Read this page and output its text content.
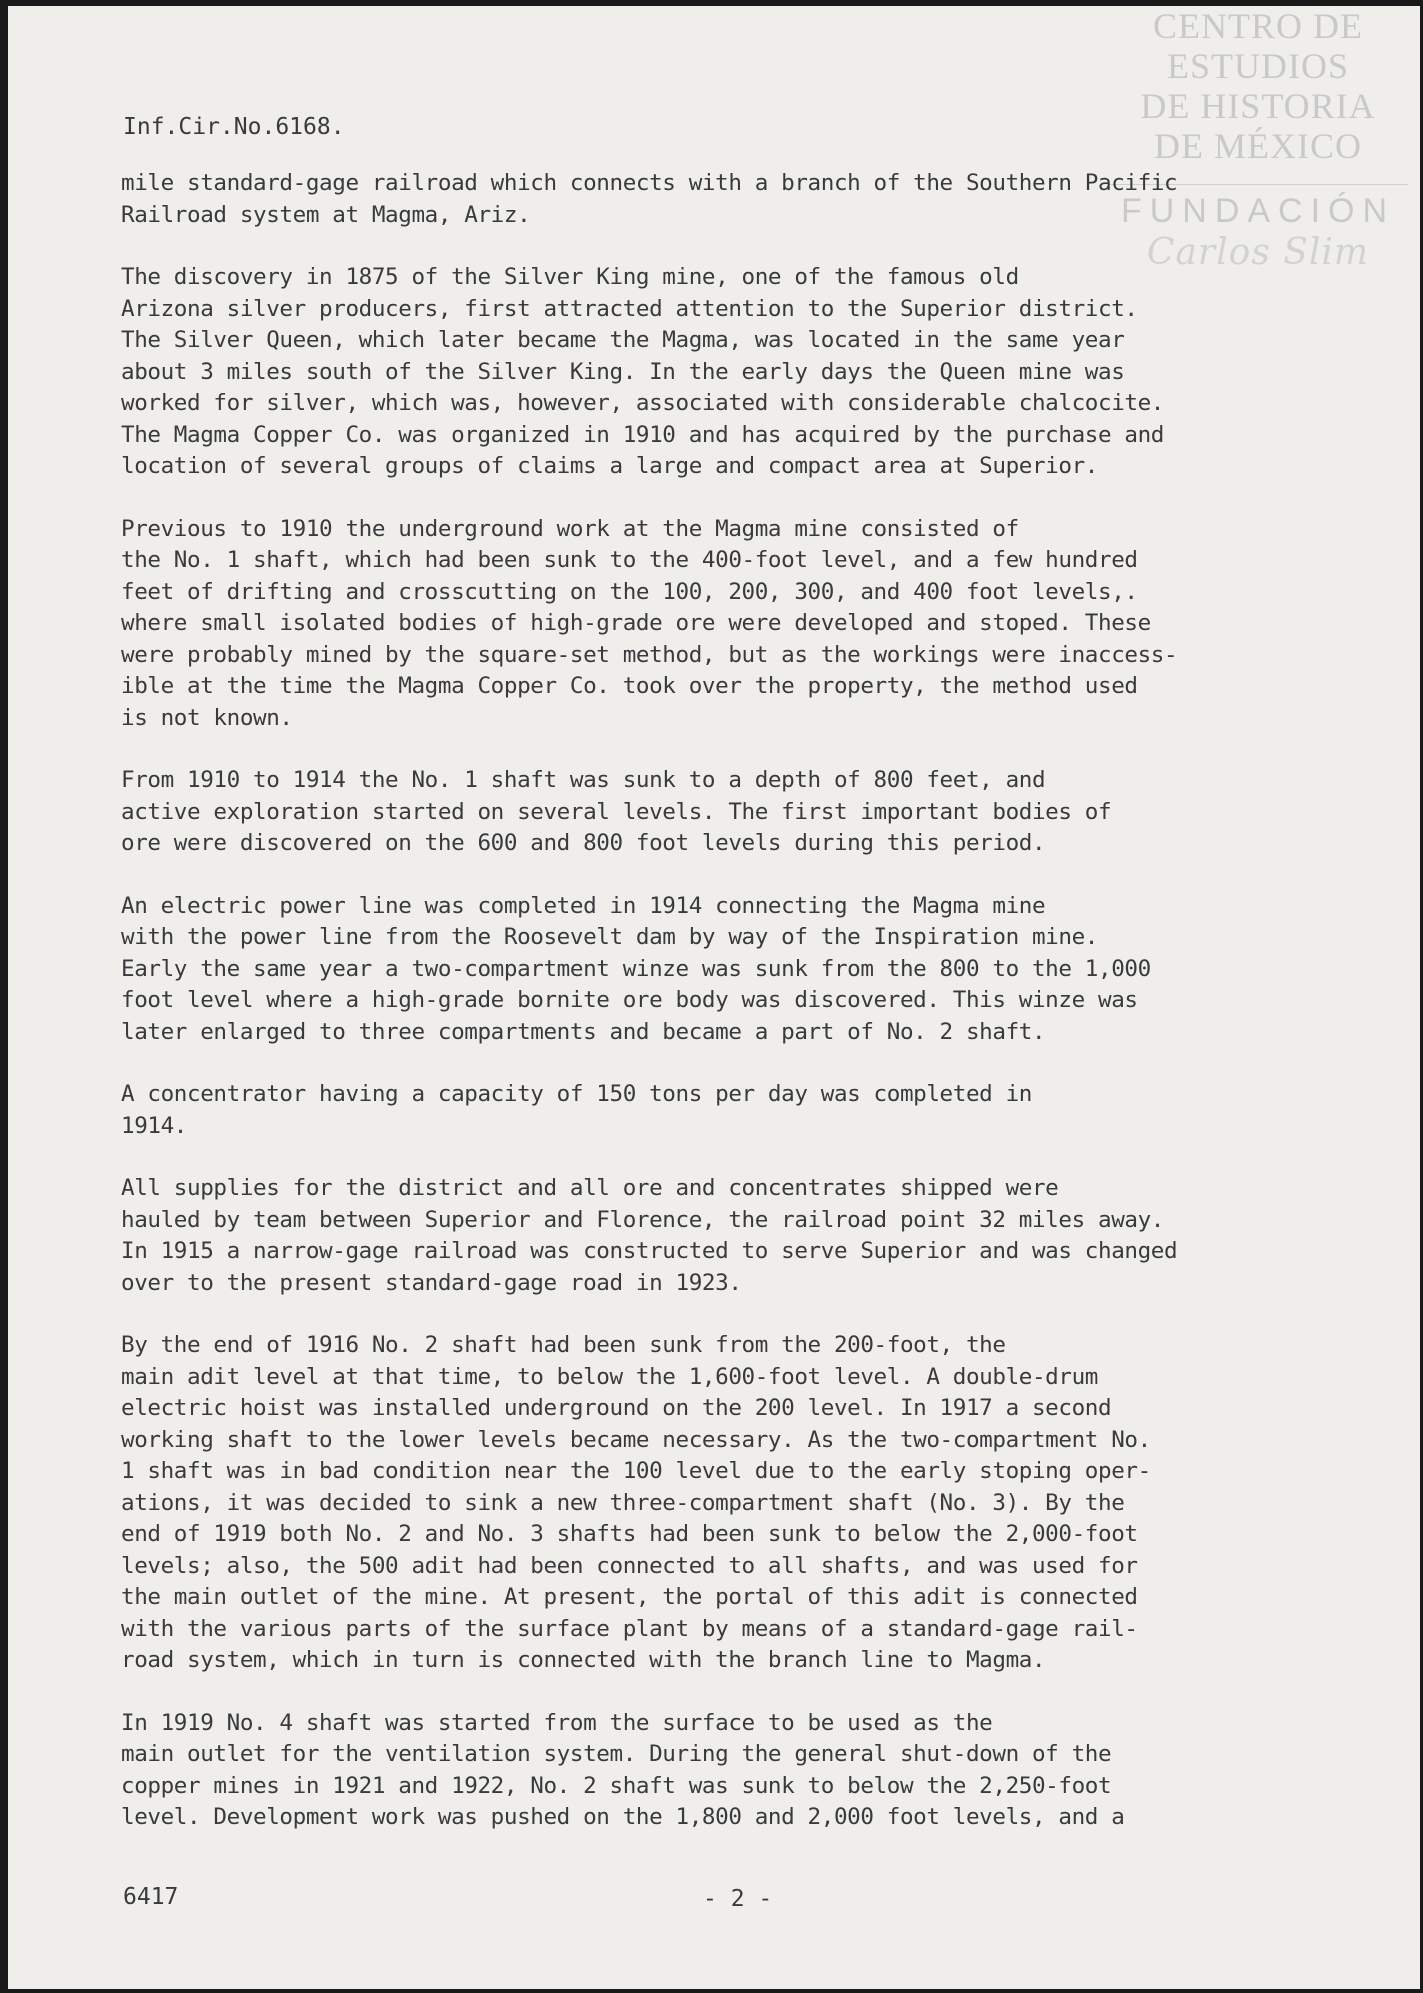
CENTRO DE
ESTUDIOS
DE HISTORIA
DE MÉXICO
FUNDACIÓN
Carlos Slim
Inf.Cir.No.6168.

mile standard-gage railroad which connects with a branch of the Southern Pacific
Railroad system at Magma, Ariz.

The discovery in 1875 of the Silver King mine, one of the famous old
Arizona silver producers, first attracted attention to the Superior district.
The Silver Queen, which later became the Magma, was located in the same year
about 3 miles south of the Silver King. In the early days the Queen mine was
worked for silver, which was, however, associated with considerable chalcocite.
The Magma Copper Co. was organized in 1910 and has acquired by the purchase and
location of several groups of claims a large and compact area at Superior.

Previous to 1910 the underground work at the Magma mine consisted of
the No. 1 shaft, which had been sunk to the 400-foot level, and a few hundred
feet of drifting and crosscutting on the 100, 200, 300, and 400 foot levels,.
where small isolated bodies of high-grade ore were developed and stoped. These
were probably mined by the square-set method, but as the workings were inaccess-
ible at the time the Magma Copper Co. took over the property, the method used
is not known.

From 1910 to 1914 the No. 1 shaft was sunk to a depth of 800 feet, and
active exploration started on several levels. The first important bodies of
ore were discovered on the 600 and 800 foot levels during this period.

An electric power line was completed in 1914 connecting the Magma mine
with the power line from the Roosevelt dam by way of the Inspiration mine.
Early the same year a two-compartment winze was sunk from the 800 to the 1,000
foot level where a high-grade bornite ore body was discovered. This winze was
later enlarged to three compartments and became a part of No. 2 shaft.

A concentrator having a capacity of 150 tons per day was completed in
1914.

All supplies for the district and all ore and concentrates shipped were
hauled by team between Superior and Florence, the railroad point 32 miles away.
In 1915 a narrow-gage railroad was constructed to serve Superior and was changed
over to the present standard-gage road in 1923.

By the end of 1916 No. 2 shaft had been sunk from the 200-foot, the
main adit level at that time, to below the 1,600-foot level. A double-drum
electric hoist was installed underground on the 200 level. In 1917 a second
working shaft to the lower levels became necessary. As the two-compartment No.
1 shaft was in bad condition near the 100 level due to the early stoping oper-
ations, it was decided to sink a new three-compartment shaft (No. 3). By the
end of 1919 both No. 2 and No. 3 shafts had been sunk to below the 2,000-foot
levels; also, the 500 adit had been connected to all shafts, and was used for
the main outlet of the mine. At present, the portal of this adit is connected
with the various parts of the surface plant by means of a standard-gage rail-
road system, which in turn is connected with the branch line to Magma.

In 1919 No. 4 shaft was started from the surface to be used as the
main outlet for the ventilation system. During the general shut-down of the
copper mines in 1921 and 1922, No. 2 shaft was sunk to below the 2,250-foot
level. Development work was pushed on the 1,800 and 2,000 foot levels, and a

6417	- 2 -
